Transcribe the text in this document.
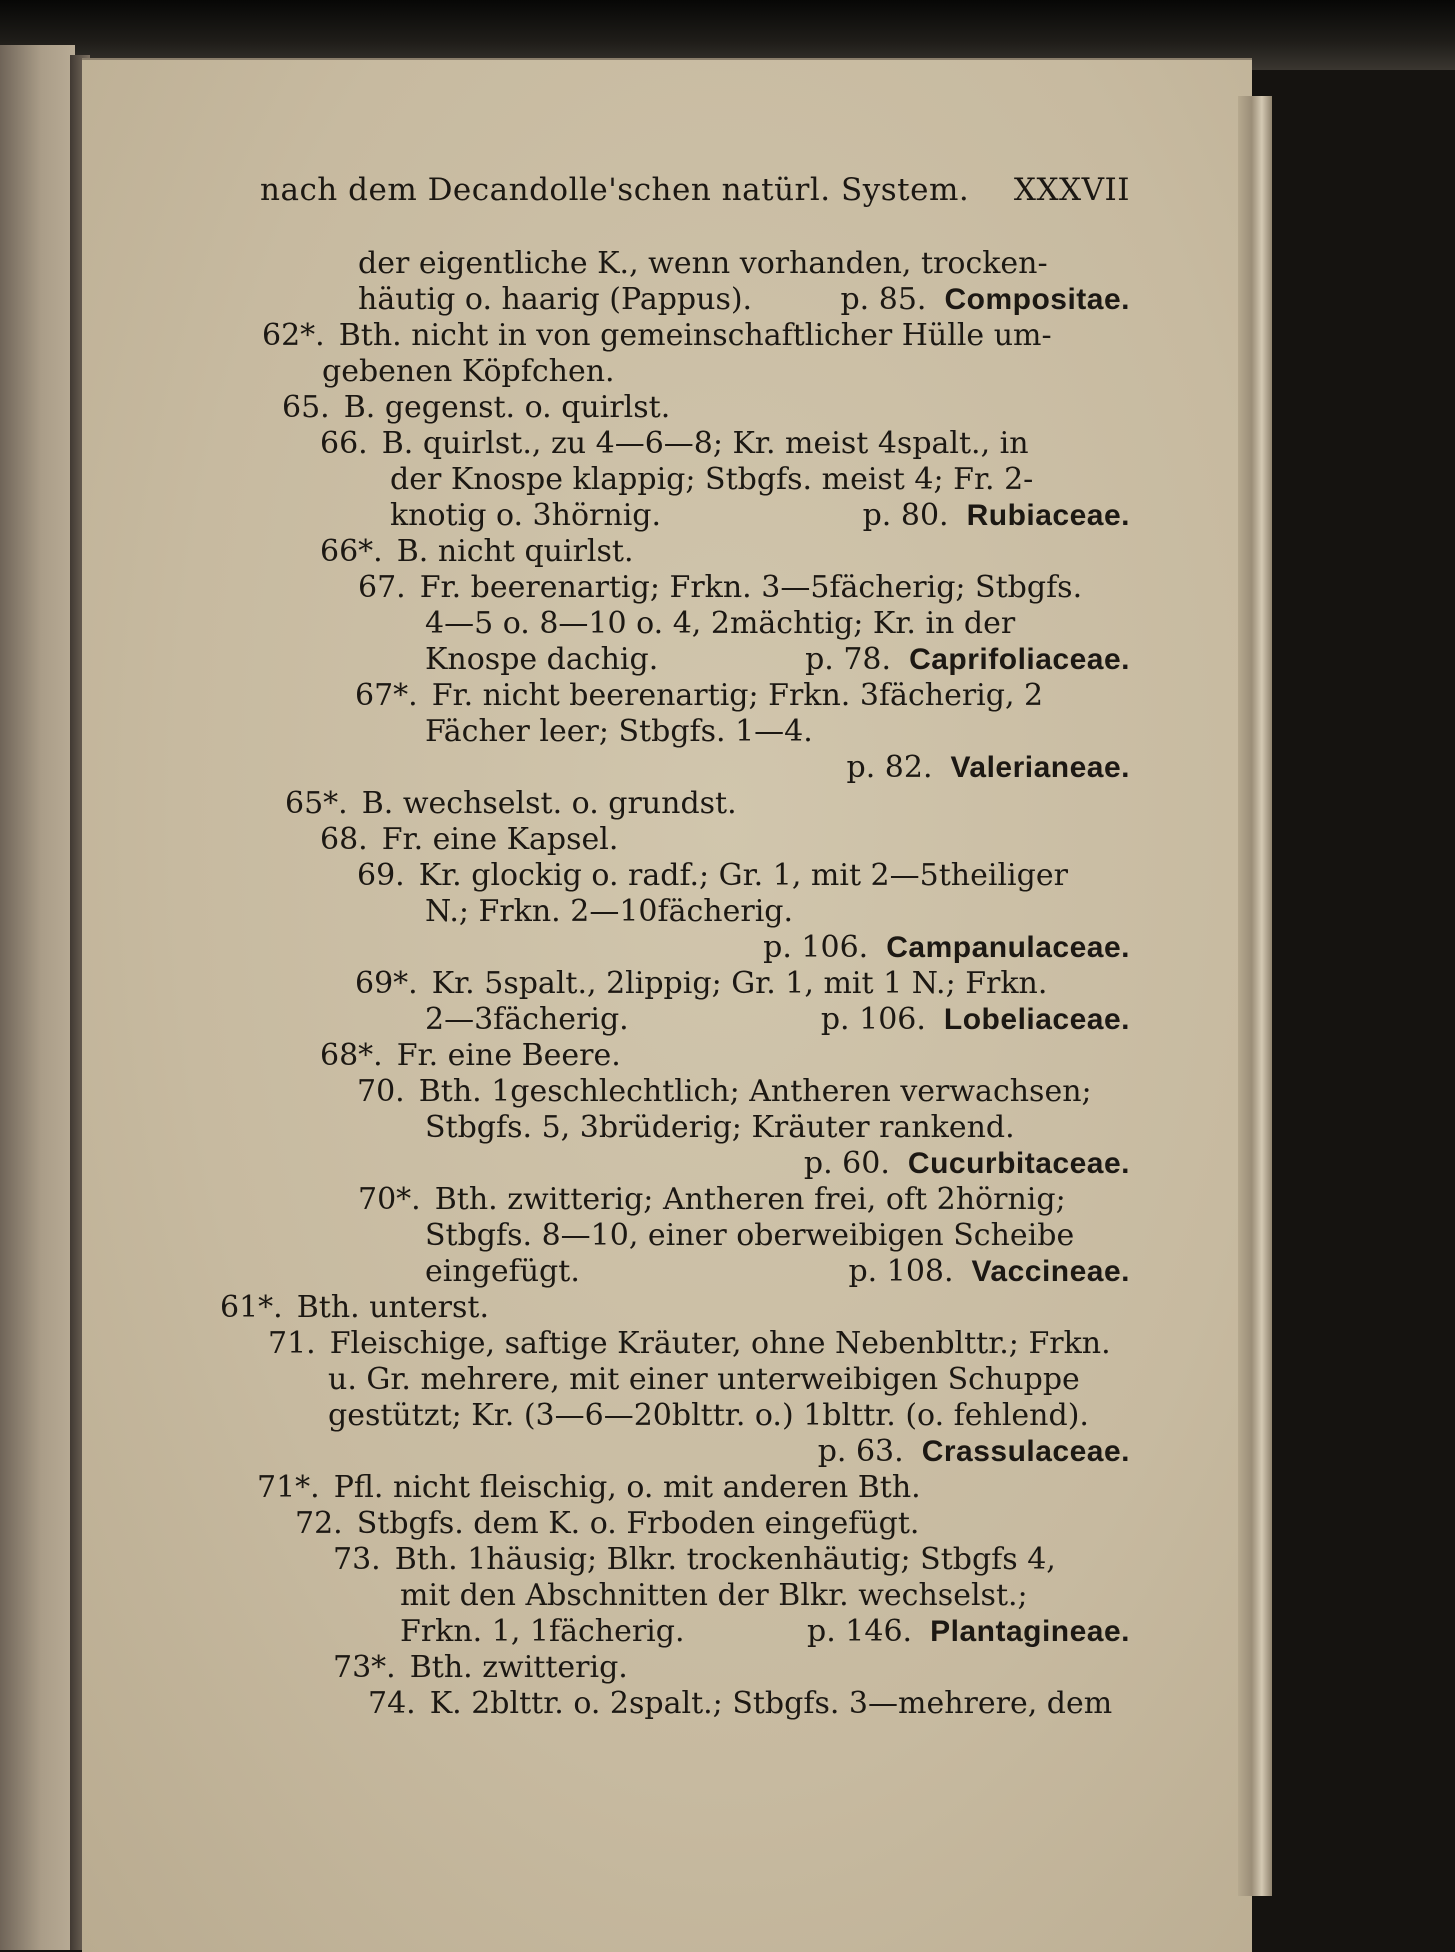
nach dem Decandolle'schen natürl. System. XXXVII
der eigentliche K., wenn vorhanden, trocken-
häutig o. haarig (Pappus).	p. 85. Compositae.
62*. Bth. nicht in von gemeinschaftlicher Hülle um-
gebenen Köpfchen.
65. B. gegenst. o. quirlst.
66. B. quirlst., zu 4—6—8; Kr. meist 4spalt., in
der Knospe klappig; Stbgfs. meist 4; Fr. 2-
knotig o. 3hörnig.	p. 80. Rubiaceae.
66*. B. nicht quirlst.
67. Fr. beerenartig; Frkn. 3—5fächerig; Stbgfs.
4—5 o. 8—10 o. 4, 2mächtig; Kr. in der
Knospe dachig.	p. 78. Caprifoliaceae.
67*. Fr. nicht beerenartig; Frkn. 3fächerig, 2
Fächer leer; Stbgfs. 1—4.
p. 82. Valerianeae.
65*. B. wechselst. o. grundst.
68. Fr. eine Kapsel.
69. Kr. glockig o. radf.; Gr. 1, mit 2—5theiliger
N.; Frkn. 2—10fächerig.
p. 106. Campanulaceae.
69*. Kr. 5spalt., 2lippig; Gr. 1, mit 1 N.; Frkn.
2—3fächerig.	p. 106. Lobeliaceae.
68*. Fr. eine Beere.
70. Bth. 1geschlechtlich; Antheren verwachsen;
Stbgfs. 5, 3brüderig; Kräuter rankend.
p. 60. Cucurbitaceae.
70*. Bth. zwitterig; Antheren frei, oft 2hörnig;
Stbgfs. 8—10, einer oberweibigen Scheibe
eingefügt.	p. 108. Vaccineae.
61*. Bth. unterst.
71. Fleischige, saftige Kräuter, ohne Nebenblttr.; Frkn.
u. Gr. mehrere, mit einer unterweibigen Schuppe
gestützt; Kr. (3—6—20blttr. o.) 1blttr. (o. fehlend).
p. 63. Crassulaceae.
71*. Pfl. nicht fleischig, o. mit anderen Bth.
72. Stbgfs. dem K. o. Frboden eingefügt.
73. Bth. 1häusig; Blkr. trockenhäutig; Stbgfs 4,
mit den Abschnitten der Blkr. wechselst.;
Frkn. 1, 1fächerig.	p. 146. Plantagineae.
73*. Bth. zwitterig.
74. K. 2blttr. o. 2spalt.; Stbgfs. 3—mehrere, dem
